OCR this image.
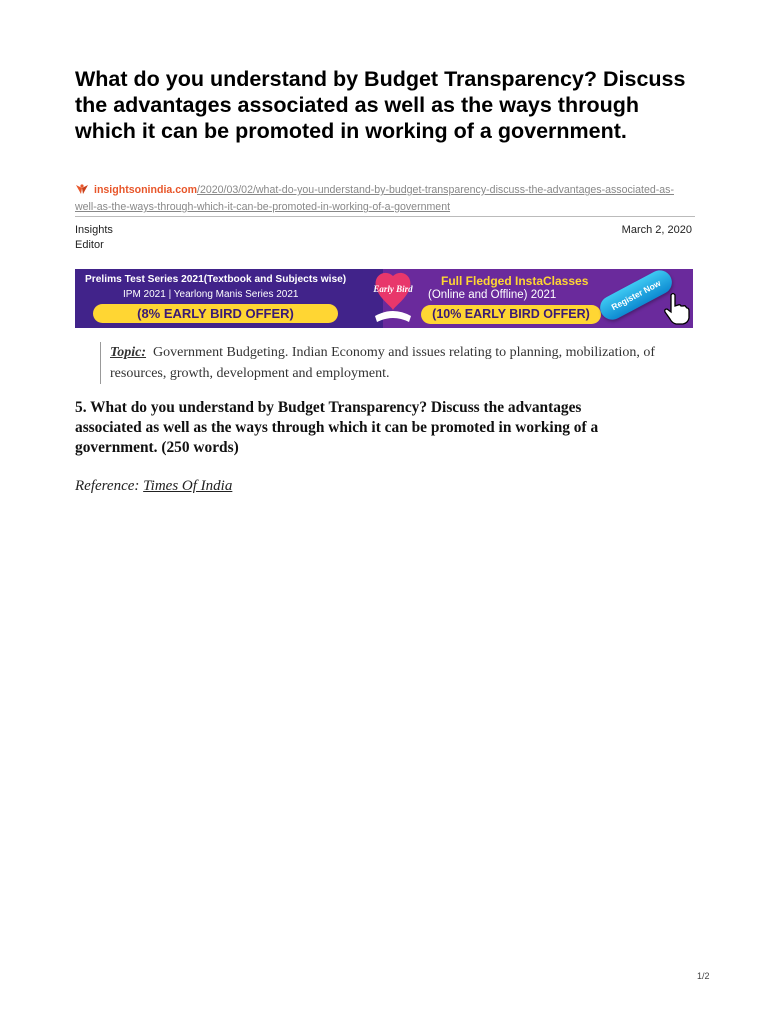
What do you understand by Budget Transparency? Discuss the advantages associated as well as the ways through which it can be promoted in working of a government.
insightsonindia.com/2020/03/02/what-do-you-understand-by-budget-transparency-discuss-the-advantages-associated-as-well-as-the-ways-through-which-it-can-be-promoted-in-working-of-a-government
Insights
Editor
March 2, 2020
Prelims Test Series 2021(Textbook and Subjects wise)
IPM 2021 | Yearlong Manis Series 2021
(8% EARLY BIRD OFFER)
Full Fledged InstaClasses
(Online and Offline) 2021
(10% EARLY BIRD OFFER)
Register Now
Early Bird
Topic: Government Budgeting. Indian Economy and issues relating to planning, mobilization, of resources, growth, development and employment.

5. What do you understand by Budget Transparency? Discuss the advantages associated as well as the ways through which it can be promoted in working of a government. (250 words)

Reference: Times Of India
1/2
